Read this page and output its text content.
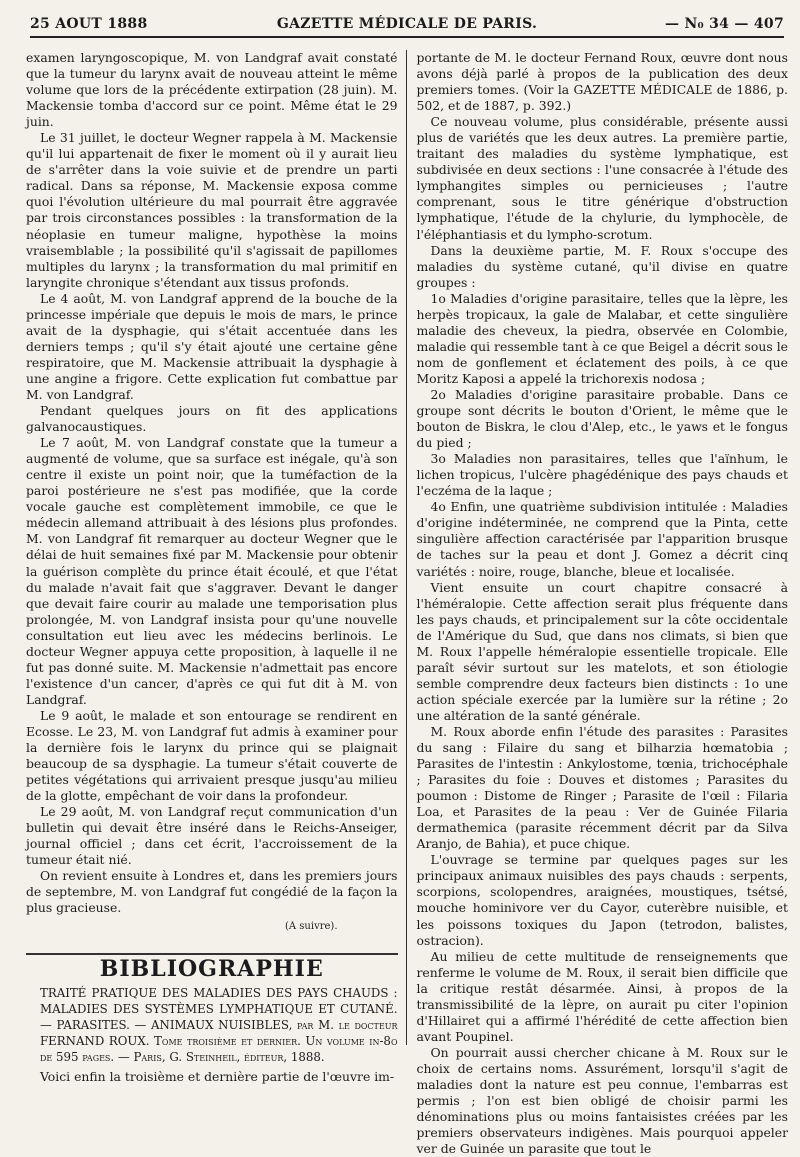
25 AOUT 1888	GAZETTE MÉDICALE DE PARIS.	— N₀ 34 — 407

examen laryngoscopique, M. von Landgraf avait constaté que la tumeur du larynx avait de nouveau atteint le même volume que lors de la précédente extirpation (28 juin). M. Mackensie tomba d'accord sur ce point. Même état le 29 juin.

Le 31 juillet, le docteur Wegner rappela à M. Mackensie qu'il lui appartenait de fixer le moment où il y aurait lieu de s'arrêter dans la voie suivie et de prendre un parti radical. Dans sa réponse, M. Mackensie exposa comme quoi l'évolution ultérieure du mal pourrait être aggravée par trois circonstances possibles : la transformation de la néoplasie en tumeur maligne, hypothèse la moins vraisemblable ; la possibilité qu'il s'agissait de papillomes multiples du larynx ; la transformation du mal primitif en laryngite chronique s'étendant aux tissus profonds.

Le 4 août, M. von Landgraf apprend de la bouche de la princesse impériale que depuis le mois de mars, le prince avait de la dysphagie, qui s'était accentuée dans les derniers temps ; qu'il s'y était ajouté une certaine gêne respiratoire, que M. Mackensie attribuait la dysphagie à une angine a frigore. Cette explication fut combattue par M. von Landgraf.

Pendant quelques jours on fit des applications galvanocaustiques.

Le 7 août, M. von Landgraf constate que la tumeur a augmenté de volume, que sa surface est inégale, qu'à son centre il existe un point noir, que la tuméfaction de la paroi postérieure ne s'est pas modifiée, que la corde vocale gauche est complètement immobile, ce que le médecin allemand attribuait à des lésions plus profondes. M. von Landgraf fit remarquer au docteur Wegner que le délai de huit semaines fixé par M. Mackensie pour obtenir la guérison complète du prince était écoulé, et que l'état du malade n'avait fait que s'aggraver. Devant le danger que devait faire courir au malade une temporisation plus prolongée, M. von Landgraf insista pour qu'une nouvelle consultation eut lieu avec les médecins berlinois. Le docteur Wegner appuya cette proposition, à laquelle il ne fut pas donné suite. M. Mackensie n'admettait pas encore l'existence d'un cancer, d'après ce qui fut dit à M. von Landgraf.

Le 9 août, le malade et son entourage se rendirent en Ecosse. Le 23, M. von Landgraf fut admis à examiner pour la dernière fois le larynx du prince qui se plaignait beaucoup de sa dysphagie. La tumeur s'était couverte de petites végétations qui arrivaient presque jusqu'au milieu de la glotte, empêchant de voir dans la profondeur.

Le 29 août, M. von Landgraf reçut communication d'un bulletin qui devait être inséré dans le Reichs-Anseiger, journal officiel ; dans cet écrit, l'accroissement de la tumeur était nié.

On revient ensuite à Londres et, dans les premiers jours de septembre, M. von Landgraf fut congédié de la façon la plus gracieuse.

(A suivre).
BIBLIOGRAPHIE

TRAITÉ PRATIQUE DES MALADIES DES PAYS CHAUDS : MALADIES DES SYSTÈMES LYMPHATIQUE ET CUTANÉ. — PARASITES. — ANIMAUX NUISIBLES, par M. le docteur FERNAND ROUX. Tome troisième et dernier. Un volume in-8o de 595 pages. — Paris, G. Steinheil, éditeur, 1888.

Voici enfin la troisième et dernière partie de l'œuvre im-

portante de M. le docteur Fernand Roux, œuvre dont nous avons déjà parlé à propos de la publication des deux premiers tomes. (Voir la GAZETTE MÉDICALE de 1886, p. 502, et de 1887, p. 392.)

Ce nouveau volume, plus considérable, présente aussi plus de variétés que les deux autres. La première partie, traitant des maladies du système lymphatique, est subdivisée en deux sections : l'une consacrée à l'étude des lymphangites simples ou pernicieuses ; l'autre comprenant, sous le titre générique d'obstruction lymphatique, l'étude de la chylurie, du lymphocèle, de l'éléphantiasis et du lympho-scrotum.

Dans la deuxième partie, M. F. Roux s'occupe des maladies du système cutané, qu'il divise en quatre groupes :

1o Maladies d'origine parasitaire, telles que la lèpre, les herpès tropicaux, la gale de Malabar, et cette singulière maladie des cheveux, la piedra, observée en Colombie, maladie qui ressemble tant à ce que Beigel a décrit sous le nom de gonflement et éclatement des poils, à ce que Moritz Kaposi a appelé la trichorexis nodosa ;

2o Maladies d'origine parasitaire probable. Dans ce groupe sont décrits le bouton d'Orient, le même que le bouton de Biskra, le clou d'Alep, etc., le yaws et le fongus du pied ;

3o Maladies non parasitaires, telles que l'aïnhum, le lichen tropicus, l'ulcère phagédénique des pays chauds et l'eczéma de la laque ;

4o Enfin, une quatrième subdivision intitulée : Maladies d'origine indéterminée, ne comprend que la Pinta, cette singulière affection caractérisée par l'apparition brusque de taches sur la peau et dont J. Gomez a décrit cinq variétés : noire, rouge, blanche, bleue et localisée.

Vient ensuite un court chapitre consacré à l'héméralopie. Cette affection serait plus fréquente dans les pays chauds, et principalement sur la côte occidentale de l'Amérique du Sud, que dans nos climats, si bien que M. Roux l'appelle héméralopie essentielle tropicale. Elle paraît sévir surtout sur les matelots, et son étiologie semble comprendre deux facteurs bien distincts : 1o une action spéciale exercée par la lumière sur la rétine ; 2o une altération de la santé générale.

M. Roux aborde enfin l'étude des parasites : Parasites du sang : Filaire du sang et bilharzia hœmatobia ; Parasites de l'intestin : Ankylostome, tœnia, trichocéphale ; Parasites du foie : Douves et distomes ; Parasites du poumon : Distome de Ringer ; Parasite de l'œil : Filaria Loa, et Parasites de la peau : Ver de Guinée Filaria dermathemica (parasite récemment décrit par da Silva Aranjo, de Bahia), et puce chique.

L'ouvrage se termine par quelques pages sur les principaux animaux nuisibles des pays chauds : serpents, scorpions, scolopendres, araignées, moustiques, tsétsé, mouche hominivore ver du Cayor, cuterèbre nuisible, et les poissons toxiques du Japon (tetrodon, balistes, ostracion).

Au milieu de cette multitude de renseignements que renferme le volume de M. Roux, il serait bien difficile que la critique restât désarmée. Ainsi, à propos de la transmissibilité de la lèpre, on aurait pu citer l'opinion d'Hillairet qui a affirmé l'hérédité de cette affection bien avant Poupinel.

On pourrait aussi chercher chicane à M. Roux sur le choix de certains noms. Assurément, lorsqu'il s'agit de maladies dont la nature est peu connue, l'embarras est permis ; l'on est bien obligé de choisir parmi les dénominations plus ou moins fantaisistes créées par les premiers observateurs indigènes. Mais pourquoi appeler ver de Guinée un parasite que tout le
